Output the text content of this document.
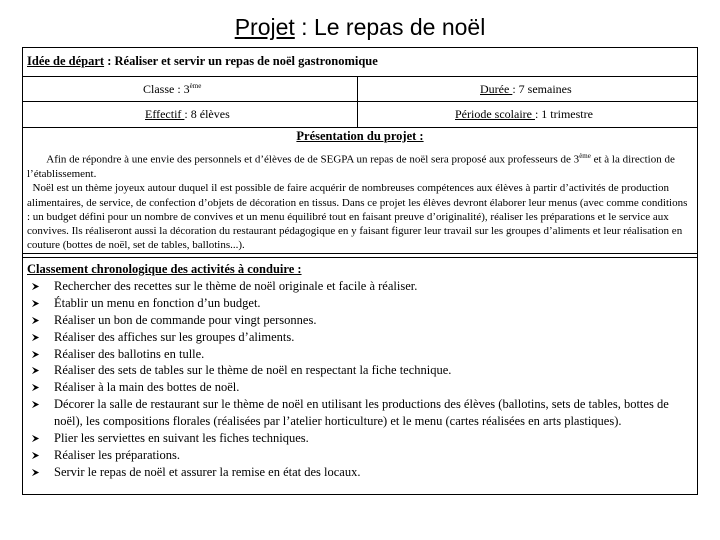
Projet : Le repas de noël
Idée de départ : Réaliser et servir un repas de noël gastronomique
Classe : 3ème	Durée : 7 semaines
Effectif : 8 élèves	Période scolaire : 1 trimestre
Présentation du projet :

Afin de répondre à une envie des personnels et d’élèves de de SEGPA un repas de noël sera proposé aux professeurs de 3ème et à la direction de l’établissement.

Noël est un thème joyeux autour duquel il est possible de faire acquérir de nombreuses compétences aux élèves à partir d’activités de production alimentaires, de service, de confection d’objets de décoration en tissus. Dans ce projet les élèves devront élaborer leur menus (avec comme conditions : un budget défini pour un nombre de convives et un menu équilibré tout en faisant preuve d’originalité), réaliser les préparations et le service aux convives. Ils réaliseront aussi la décoration du restaurant pédagogique en y faisant figurer leur travail sur les groupes d’aliments et leur réalisation en couture (bottes de noël, set de tables, ballotins...).

Classement chronologique des activités à conduire :
Rechercher des recettes sur le thème de noël originale et facile à réaliser.
Établir un menu en fonction d’un budget.
Réaliser un bon de commande pour vingt personnes.
Réaliser des affiches sur les groupes d’aliments.
Réaliser des ballotins en tulle.
Réaliser des sets de tables sur le thème de noël en respectant la fiche technique.
Réaliser à la main des bottes de noël.
Décorer la salle de restaurant sur le thème de noël en utilisant les productions des élèves (ballotins, sets de tables, bottes de noël), les compositions florales (réalisées par l’atelier horticulture) et le menu (cartes réalisées en arts plastiques).
Plier les serviettes en suivant les fiches techniques.
Réaliser les préparations.
Servir le repas de noël et assurer la remise en état des locaux.
